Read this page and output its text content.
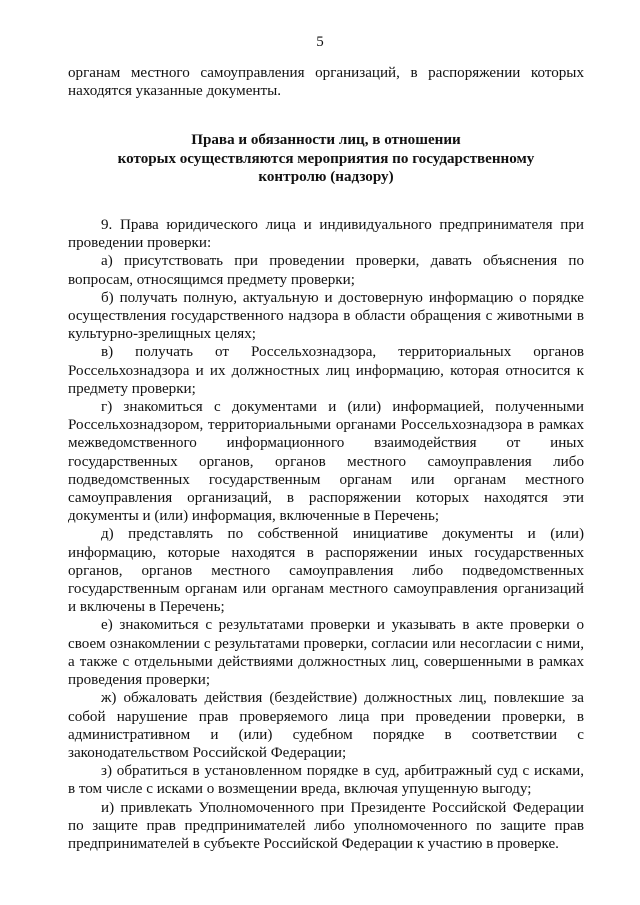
5

органам местного самоуправления организаций, в распоряжении которых находятся указанные документы.

Права и обязанности лиц, в отношении
которых осуществляются мероприятия по государственному
контролю (надзору)

9. Права юридического лица и индивидуального предпринимателя при проведении проверки:

а) присутствовать при проведении проверки, давать объяснения по вопросам, относящимся предмету проверки;

б) получать полную, актуальную и достоверную информацию о порядке осуществления государственного надзора в области обращения с животными в культурно-зрелищных целях;

в) получать от Россельхознадзора, территориальных органов Россельхознадзора и их должностных лиц информацию, которая относится к предмету проверки;

г) знакомиться с документами и (или) информацией, полученными Россельхознадзором, территориальными органами Россельхознадзора в рамках межведомственного информационного взаимодействия от иных государственных органов, органов местного самоуправления либо подведомственных государственным органам или органам местного самоуправления организаций, в распоряжении которых находятся эти документы и (или) информация, включенные в Перечень;

д) представлять по собственной инициативе документы и (или) информацию, которые находятся в распоряжении иных государственных органов, органов местного самоуправления либо подведомственных государственным органам или органам местного самоуправления организаций и включены в Перечень;

е) знакомиться с результатами проверки и указывать в акте проверки о своем ознакомлении с результатами проверки, согласии или несогласии с ними, а также с отдельными действиями должностных лиц, совершенными в рамках проведения проверки;

ж) обжаловать действия (бездействие) должностных лиц, повлекшие за собой нарушение прав проверяемого лица при проведении проверки, в административном и (или) судебном порядке в соответствии с законодательством Российской Федерации;

з) обратиться в установленном порядке в суд, арбитражный суд с исками, в том числе с исками о возмещении вреда, включая упущенную выгоду;

и) привлекать Уполномоченного при Президенте Российской Федерации по защите прав предпринимателей либо уполномоченного по защите прав предпринимателей в субъекте Российской Федерации к участию в проверке.
